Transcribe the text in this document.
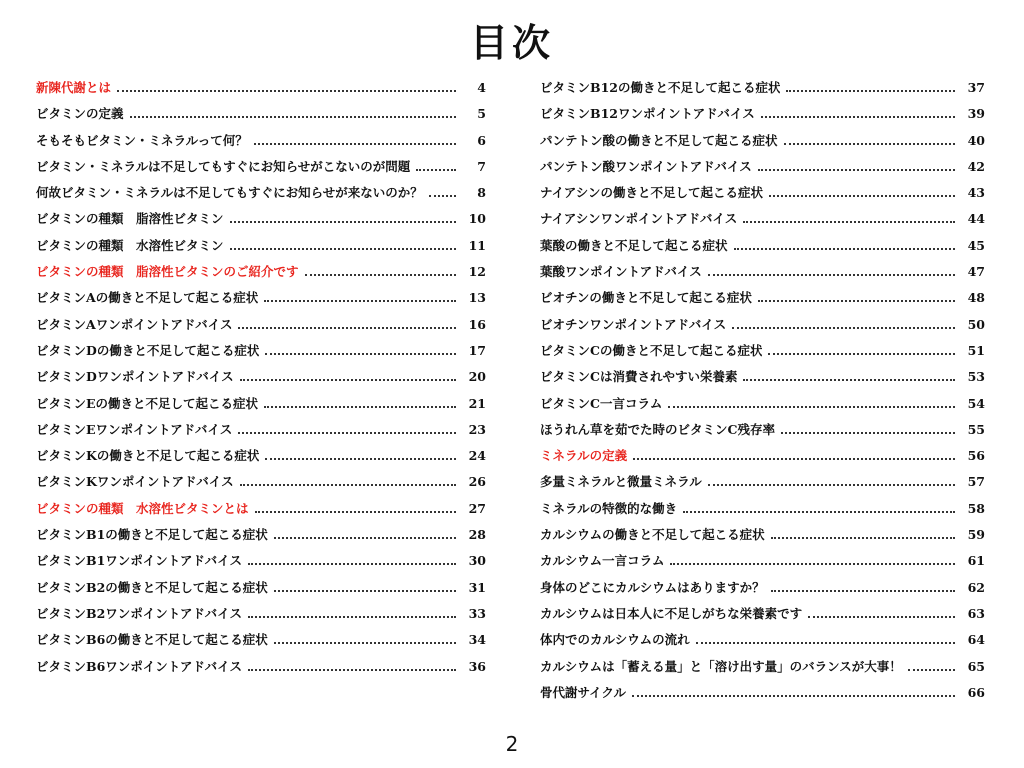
目次
新陳代謝とは	4
ビタミンの定義	5
そもそもビタミン・ミネラルって何？	6
ビタミン・ミネラルは不足してもすぐにお知らせがこないのが問題	7
何故ビタミン・ミネラルは不足してもすぐにお知らせが来ないのか？	8
ビタミンの種類　脂溶性ビタミン	10
ビタミンの種類　水溶性ビタミン	11
ビタミンの種類　脂溶性ビタミンのご紹介です	12
ビタミンAの働きと不足して起こる症状	13
ビタミンAワンポイントアドバイス	16
ビタミンDの働きと不足して起こる症状	17
ビタミンDワンポイントアドバイス	20
ビタミンEの働きと不足して起こる症状	21
ビタミンEワンポイントアドバイス	23
ビタミンKの働きと不足して起こる症状	24
ビタミンKワンポイントアドバイス	26
ビタミンの種類　水溶性ビタミンとは	27
ビタミンB1の働きと不足して起こる症状	28
ビタミンB1ワンポイントアドバイス	30
ビタミンB2の働きと不足して起こる症状	31
ビタミンB2ワンポイントアドバイス	33
ビタミンB6の働きと不足して起こる症状	34
ビタミンB6ワンポイントアドバイス	36
ビタミンB12の働きと不足して起こる症状	37
ビタミンB12ワンポイントアドバイス	39
パンテトン酸の働きと不足して起こる症状	40
パンテトン酸ワンポイントアドバイス	42
ナイアシンの働きと不足して起こる症状	43
ナイアシンワンポイントアドバイス	44
葉酸の働きと不足して起こる症状	45
葉酸ワンポイントアドバイス	47
ビオチンの働きと不足して起こる症状	48
ビオチンワンポイントアドバイス	50
ビタミンCの働きと不足して起こる症状	51
ビタミンCは消費されやすい栄養素	53
ビタミンC一言コラム	54
ほうれん草を茹でた時のビタミンC残存率	55
ミネラルの定義	56
多量ミネラルと微量ミネラル	57
ミネラルの特徴的な働き	58
カルシウムの働きと不足して起こる症状	59
カルシウム一言コラム	61
身体のどこにカルシウムはありますか？	62
カルシウムは日本人に不足しがちな栄養素です	63
体内でのカルシウムの流れ	64
カルシウムは「蓄える量」と「溶け出す量」のバランスが大事！	65
骨代謝サイクル	66
2
